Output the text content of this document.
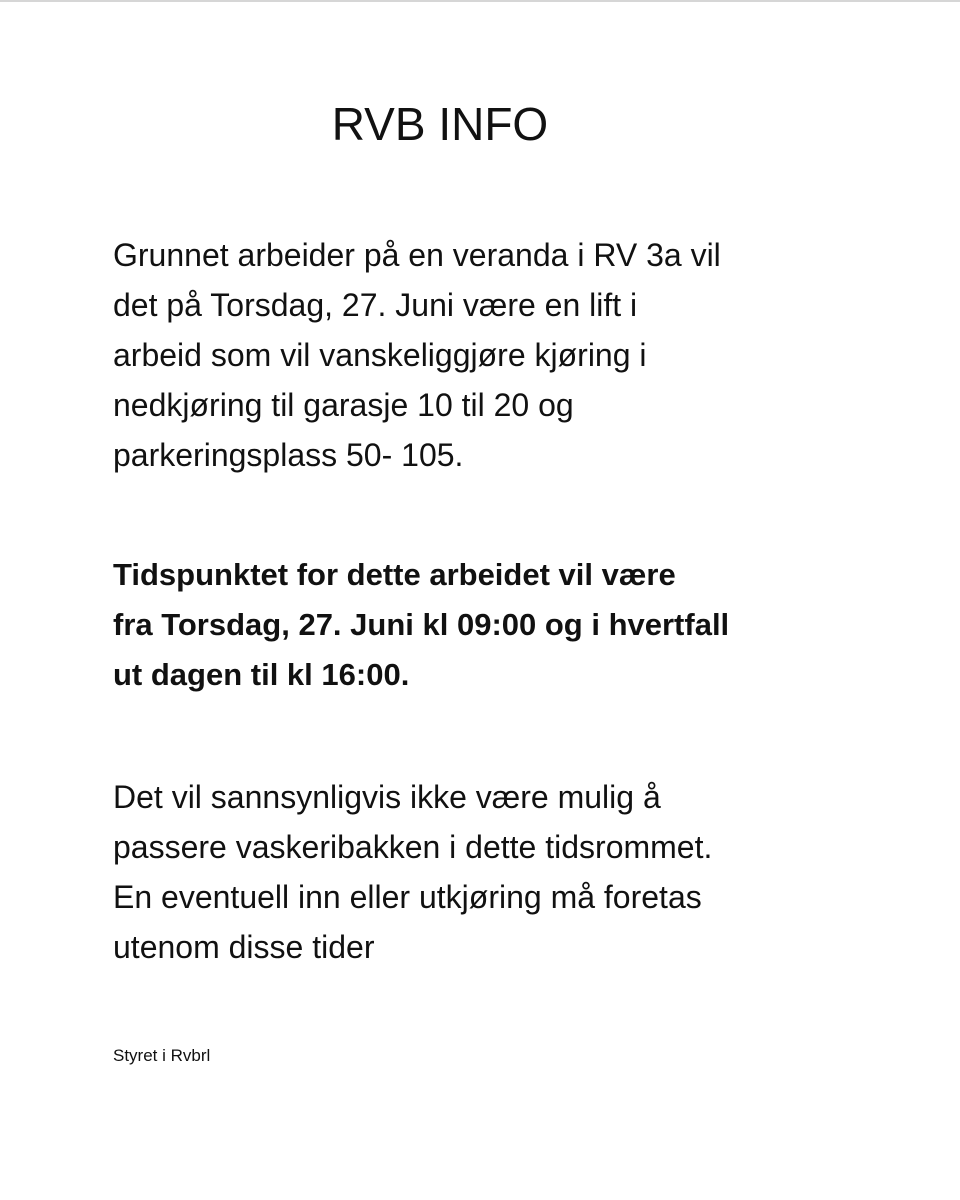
RVB INFO

Grunnet arbeider på en veranda i RV 3a vil
det på Torsdag, 27. Juni være en lift i
arbeid som vil vanskeliggjøre kjøring i
nedkjøring til garasje 10 til 20 og
parkeringsplass 50- 105.

Tidspunktet for dette arbeidet vil være
fra Torsdag, 27. Juni kl 09:00 og i hvertfall
ut dagen til kl 16:00.

Det vil sannsynligvis ikke være mulig å
passere vaskeribakken i dette tidsrommet.
En eventuell inn eller utkjøring må foretas
utenom disse tider

Styret i Rvbrl
